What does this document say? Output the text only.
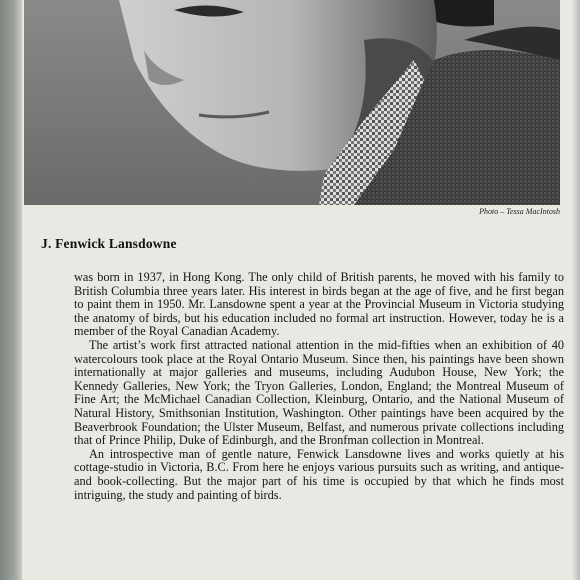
Photo – Tessa MacIntosh
J. Fenwick Lansdowne

was born in 1937, in Hong Kong. The only child of British parents, he moved with his family to British Columbia three years later. His interest in birds began at the age of five, and he first began to paint them in 1950. Mr. Lansdowne spent a year at the Provincial Museum in Victoria studying the anatomy of birds, but his education included no formal art instruction. However, today he is a member of the Royal Canadian Academy.

The artist’s work first attracted national attention in the mid-fifties when an exhibition of 40 watercolours took place at the Royal Ontario Museum. Since then, his paintings have been shown internationally at major galleries and museums, including Audubon House, New York; the Kennedy Galleries, New York; the Tryon Galleries, London, England; the Montreal Museum of Fine Art; the McMichael Canadian Collection, Kleinburg, Ontario, and the National Museum of Natural History, Smithsonian Institution, Washington. Other paintings have been acquired by the Beaverbrook Foundation; the Ulster Museum, Belfast, and numerous private collections including that of Prince Philip, Duke of Edinburgh, and the Bronfman collection in Montreal.

An introspective man of gentle nature, Fenwick Lansdowne lives and works quietly at his cottage-studio in Victoria, B.C. From here he enjoys various pursuits such as writing, and antique- and book-collecting. But the major part of his time is occupied by that which he finds most intriguing, the study and painting of birds.
